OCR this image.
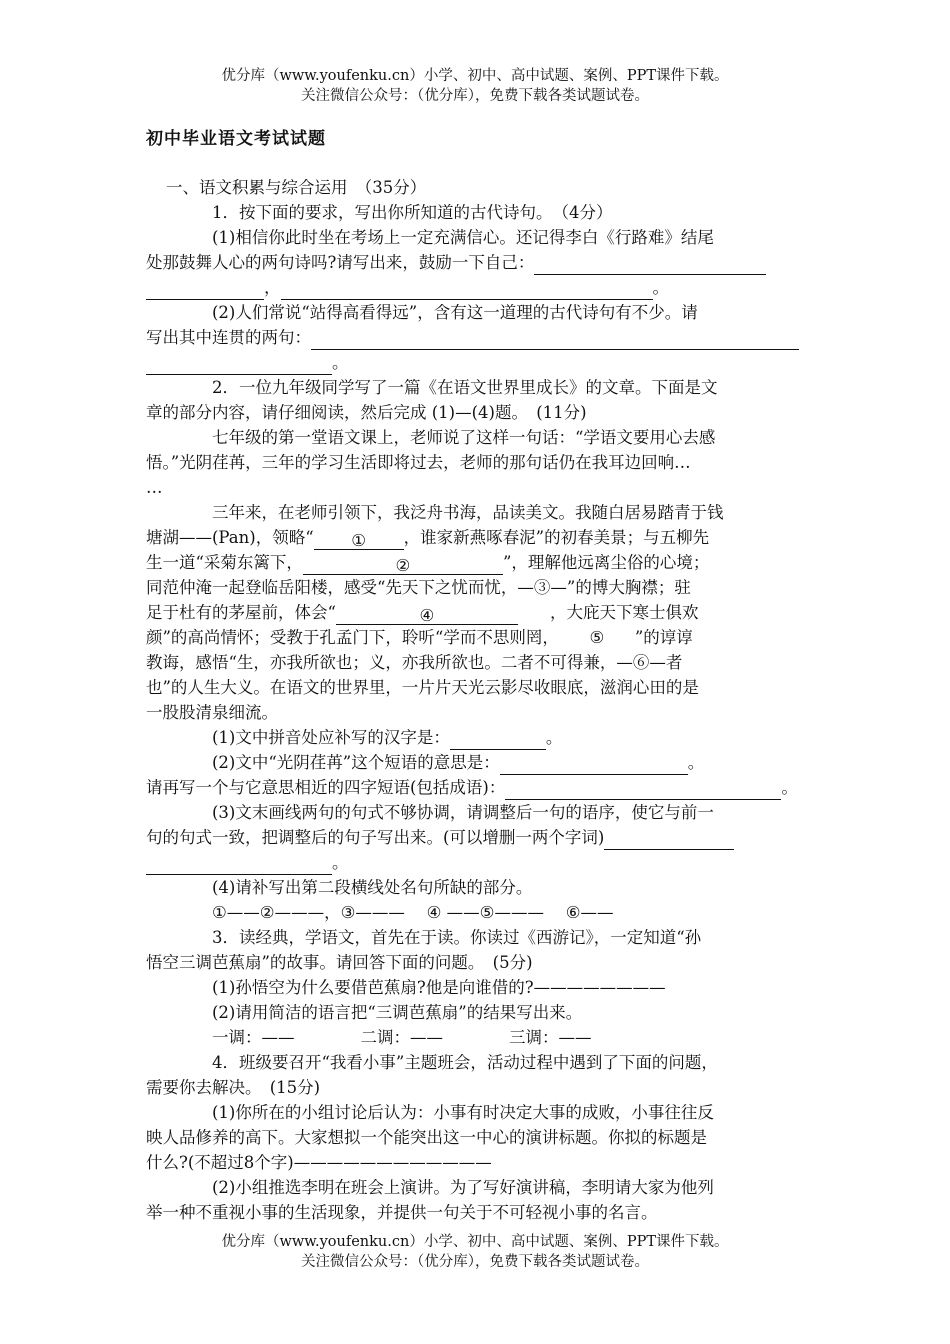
优分库（www.youfenku.cn）小学、初中、高中试题、案例、PPT课件下载。
关注微信公众号：（优分库），免费下载各类试题试卷。
初中毕业语文考试试题
一、语文积累与综合运用　（35分）
1．按下面的要求，写出你所知道的古代诗句。　（4分）
(1)相信你此时坐在考场上一定充满信心。还记得李白《行路难》结尾
处那鼓舞人心的两句诗吗?请写出来，鼓励一下自己：
，	。
(2)人们常说“站得高看得远”，含有这一道理的古代诗句有不少。请
写出其中连贯的两句：
。
2．一位九年级同学写了一篇《在语文世界里成长》的文章。下面是文
章的部分内容，请仔细阅读，然后完成 (1)—(4)题。　(11分)
七年级的第一堂语文课上，老师说了这样一句话：“学语文要用心去感
悟。”光阴荏苒，三年的学习生活即将过去，老师的那句话仍在我耳边回响…
…
三年来，在老师引领下，我泛舟书海，品读美文。我随白居易踏青于钱
塘湖——(Pan)，领略“ ① ，谁家新燕啄春泥”的初春美景；与五柳先
生一道“采菊东篱下，	②	”，理解他远离尘俗的心境；
同范仲淹一起登临岳阳楼，感受“先天下之忧而忧，—③—”的博大胸襟；驻
足于杜有的茅屋前，体会“	④	，大庇天下寒士俱欢
颜”的高尚情怀；受教于孔孟门下，聆听“学而不思则罔， ⑤ ”的谆谆
教诲，感悟“生，亦我所欲也；义，亦我所欲也。二者不可得兼，—⑥—者
也”的人生大义。在语文的世界里，一片片天光云影尽收眼底，滋润心田的是
一股股清泉细流。
(1)文中拼音处应补写的汉字是：	。
(2)文中“光阴荏苒”这个短语的意思是：	。
请再写一个与它意思相近的四字短语(包括成语)：	。
(3)文末画线两句的句式不够协调，请调整后一句的语序，使它与前一
句的句式一致，把调整后的句子写出来。(可以增删一两个字词)
。
(4)请补写出第二段横线处名句所缺的部分。
①——②———，③———　 ④ ——⑤———　 ⑥——
3．读经典，学语文，首先在于读。你读过《西游记》，一定知道“孙
悟空三调芭蕉扇”的故事。请回答下面的问题。　(5分)
(1)孙悟空为什么要借芭蕉扇?他是向谁借的?————————
(2)请用简洁的语言把“三调芭蕉扇”的结果写出来。
一调：——	二调：——	三调：——
4．班级要召开“我看小事”主题班会，活动过程中遇到了下面的问题，
需要你去解决。　(15分)
(1)你所在的小组讨论后认为：小事有时决定大事的成败，小事往往反
映人品修养的高下。大家想拟一个能突出这一中心的演讲标题。你拟的标题是
什么?(不超过8个字)————————————
(2)小组推选李明在班会上演讲。为了写好演讲稿，李明请大家为他列
举一种不重视小事的生活现象，并提供一句关于不可轻视小事的名言。
优分库（www.youfenku.cn）小学、初中、高中试题、案例、PPT课件下载。
关注微信公众号：（优分库），免费下载各类试题试卷。
